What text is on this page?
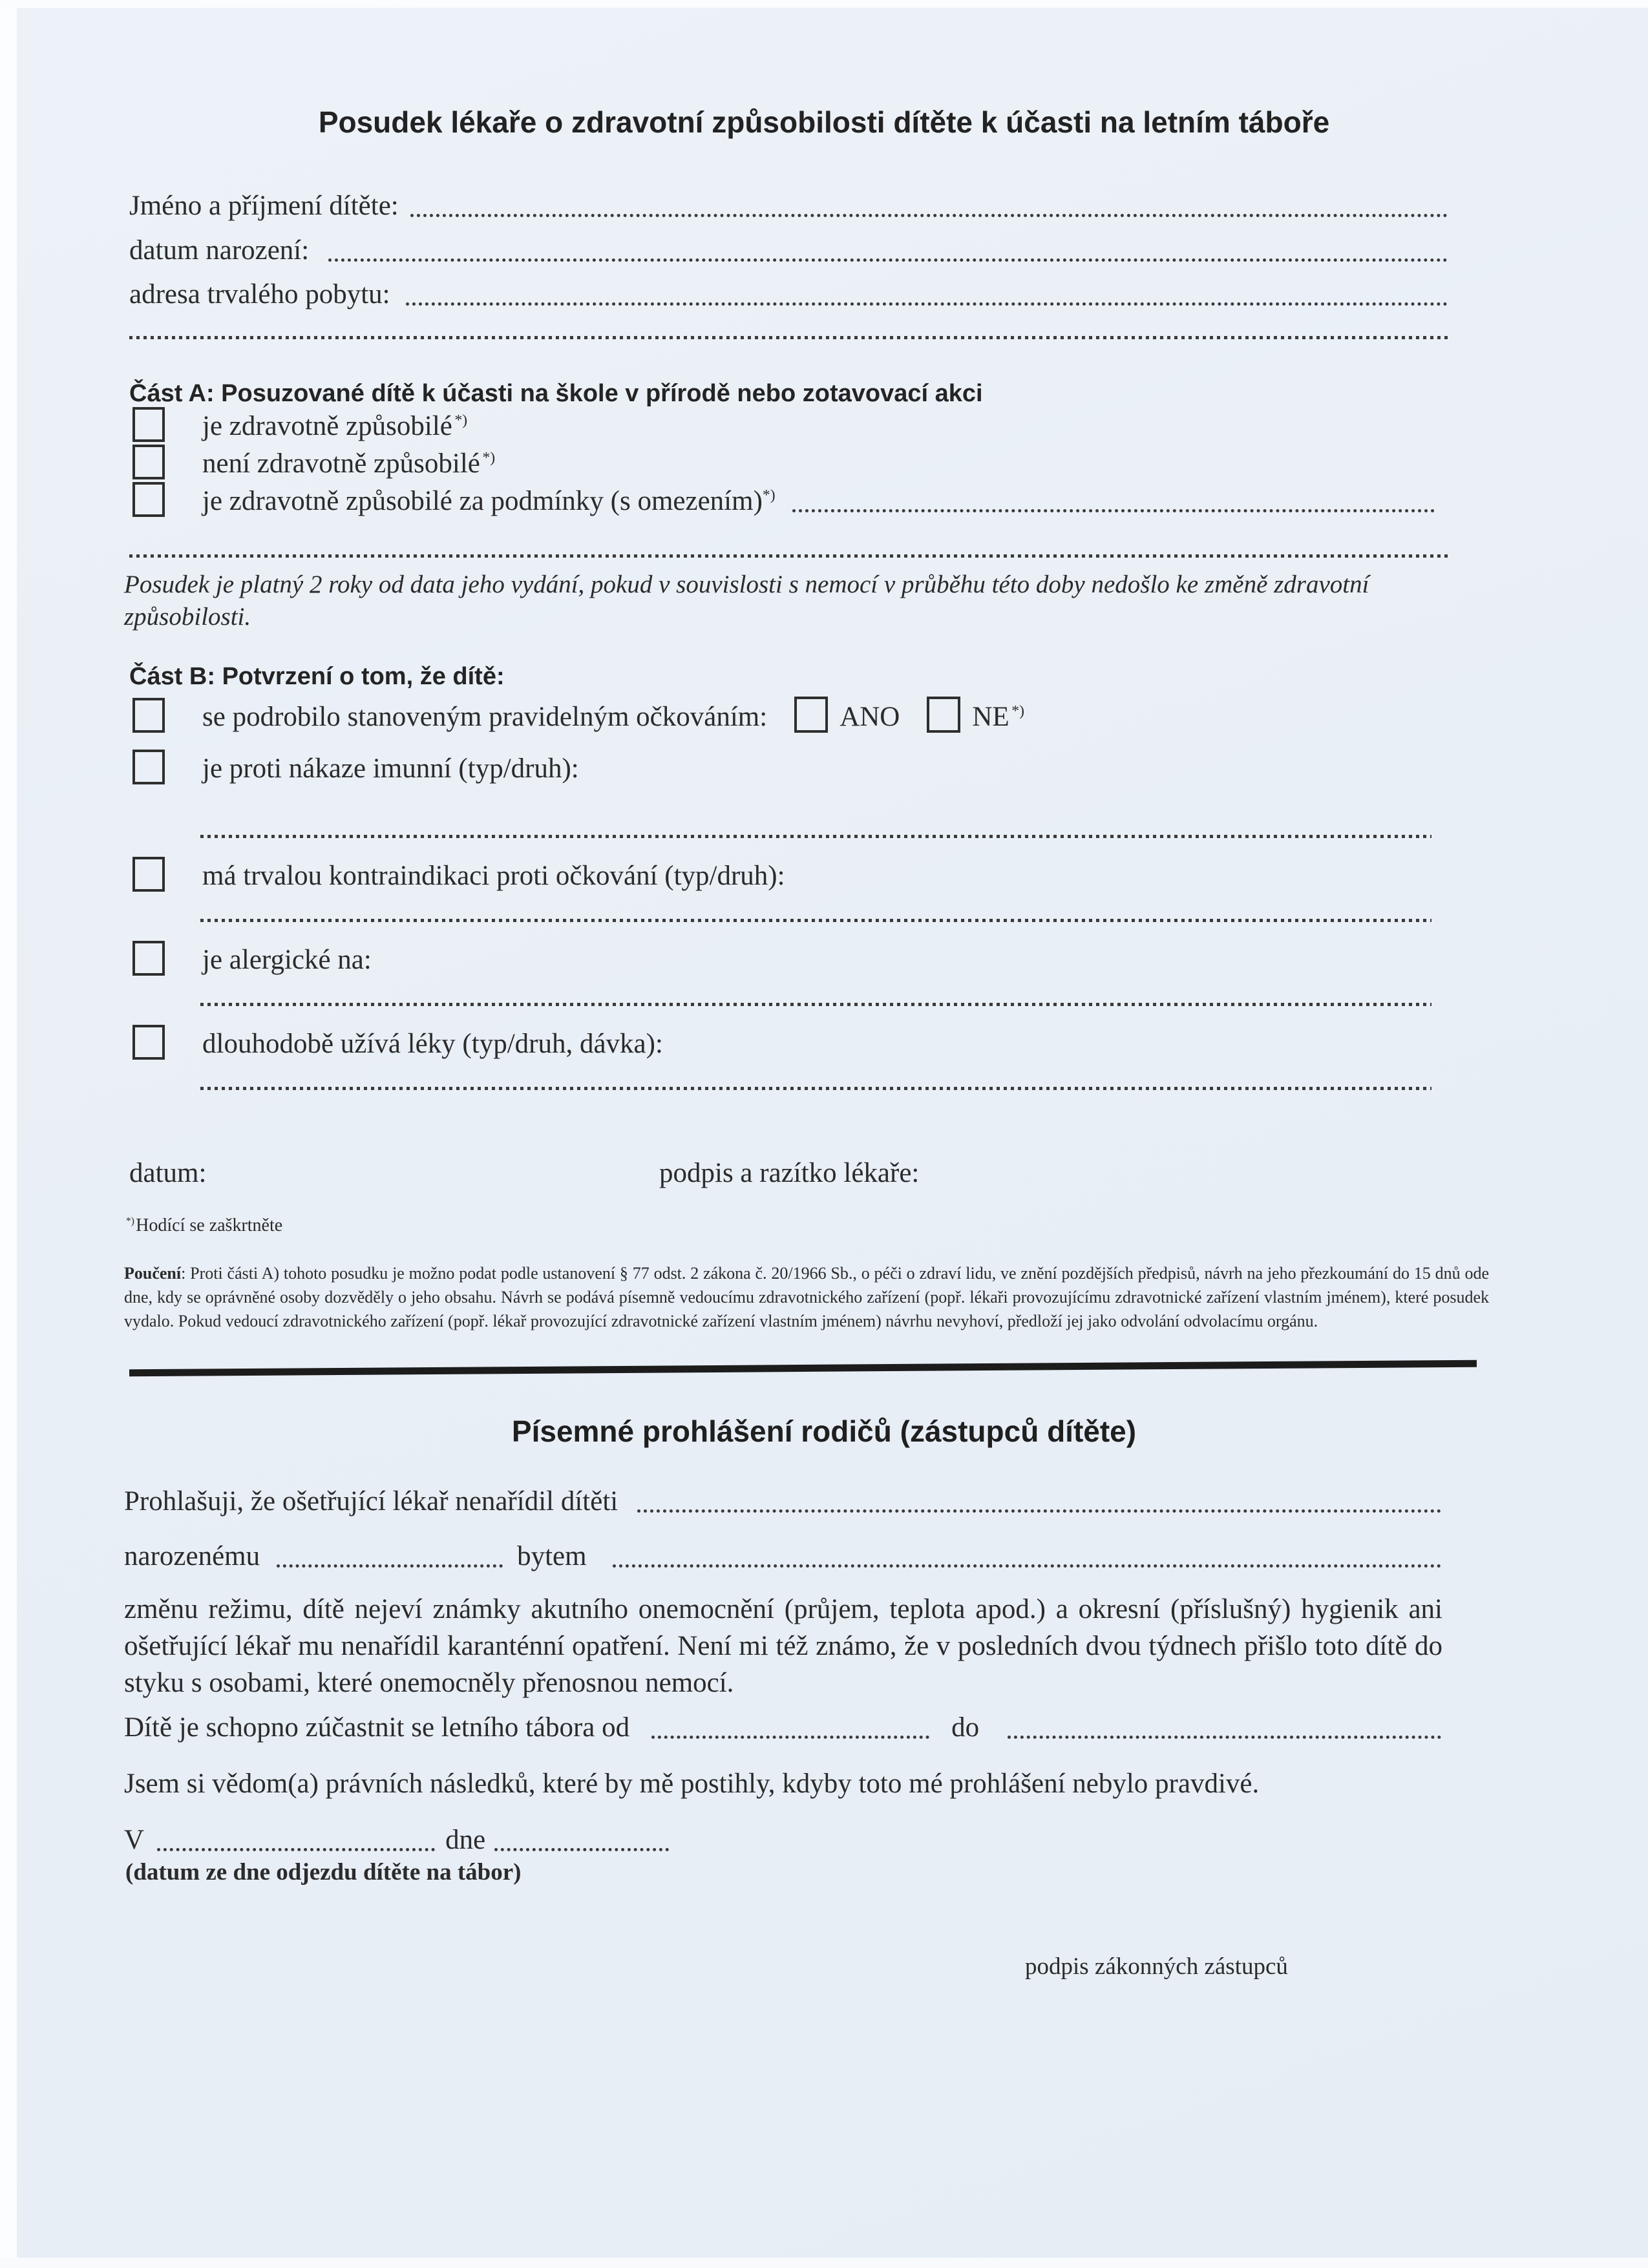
Posudek lékaře o zdravotní způsobilosti dítěte k účasti na letním táboře
Jméno a příjmení dítěte:
datum narození:
adresa trvalého pobytu:
Část A: Posuzované dítě k účasti na škole v přírodě nebo zotavovací akci
je zdravotně způsobilé  *)
není zdravotně způsobilé  *)
je zdravotně způsobilé za podmínky (s omezením)*)
Posudek je platný 2 roky od data jeho vydání, pokud v souvislosti s nemocí v průběhu této doby nedošlo ke změně zdravotní způsobilosti.
Část B: Potvrzení o tom, že dítě:
se podrobilo stanoveným pravidelným očkováním:	ANO	NE  *)
je proti nákaze imunní (typ/druh):
má trvalou kontraindikaci proti očkování (typ/druh):
je alergické na:
dlouhodobě užívá léky (typ/druh, dávka):
datum:	podpis a razítko lékaře:
*) Hodící se zaškrtněte
Poučení: Proti části A) tohoto posudku je možno podat podle ustanovení § 77 odst. 2 zákona č. 20/1966 Sb., o péči o zdraví lidu, ve znění pozdějších předpisů, návrh na jeho přezkoumání do 15 dnů ode dne, kdy se oprávněné osoby dozvěděly o jeho obsahu. Návrh se podává písemně vedoucímu zdravotnického zařízení (popř. lékaři provozujícímu zdravotnické zařízení vlastním jménem), které posudek vydalo. Pokud vedoucí zdravotnického zařízení (popř. lékař provozující zdravotnické zařízení vlastním jménem) návrhu nevyhoví, předloží jej jako odvolání odvolacímu orgánu.
Písemné prohlášení rodičů (zástupců dítěte)
Prohlašuji, že ošetřující lékař nenařídil dítěti
narozenému	bytem
změnu režimu, dítě nejeví známky akutního onemocnění (průjem, teplota apod.) a okresní (příslušný) hygienik ani ošetřující lékař mu nenařídil karanténní opatření. Není mi též známo, že v posledních dvou týdnech přišlo toto dítě do styku s osobami, které onemocněly přenosnou nemocí.
Dítě je schopno zúčastnit se letního tábora od	do
Jsem si vědom(a) právních následků, které by mě postihly, kdyby toto mé prohlášení nebylo pravdivé.
V	dne
(datum ze dne odjezdu dítěte na tábor)
podpis zákonných zástupců
